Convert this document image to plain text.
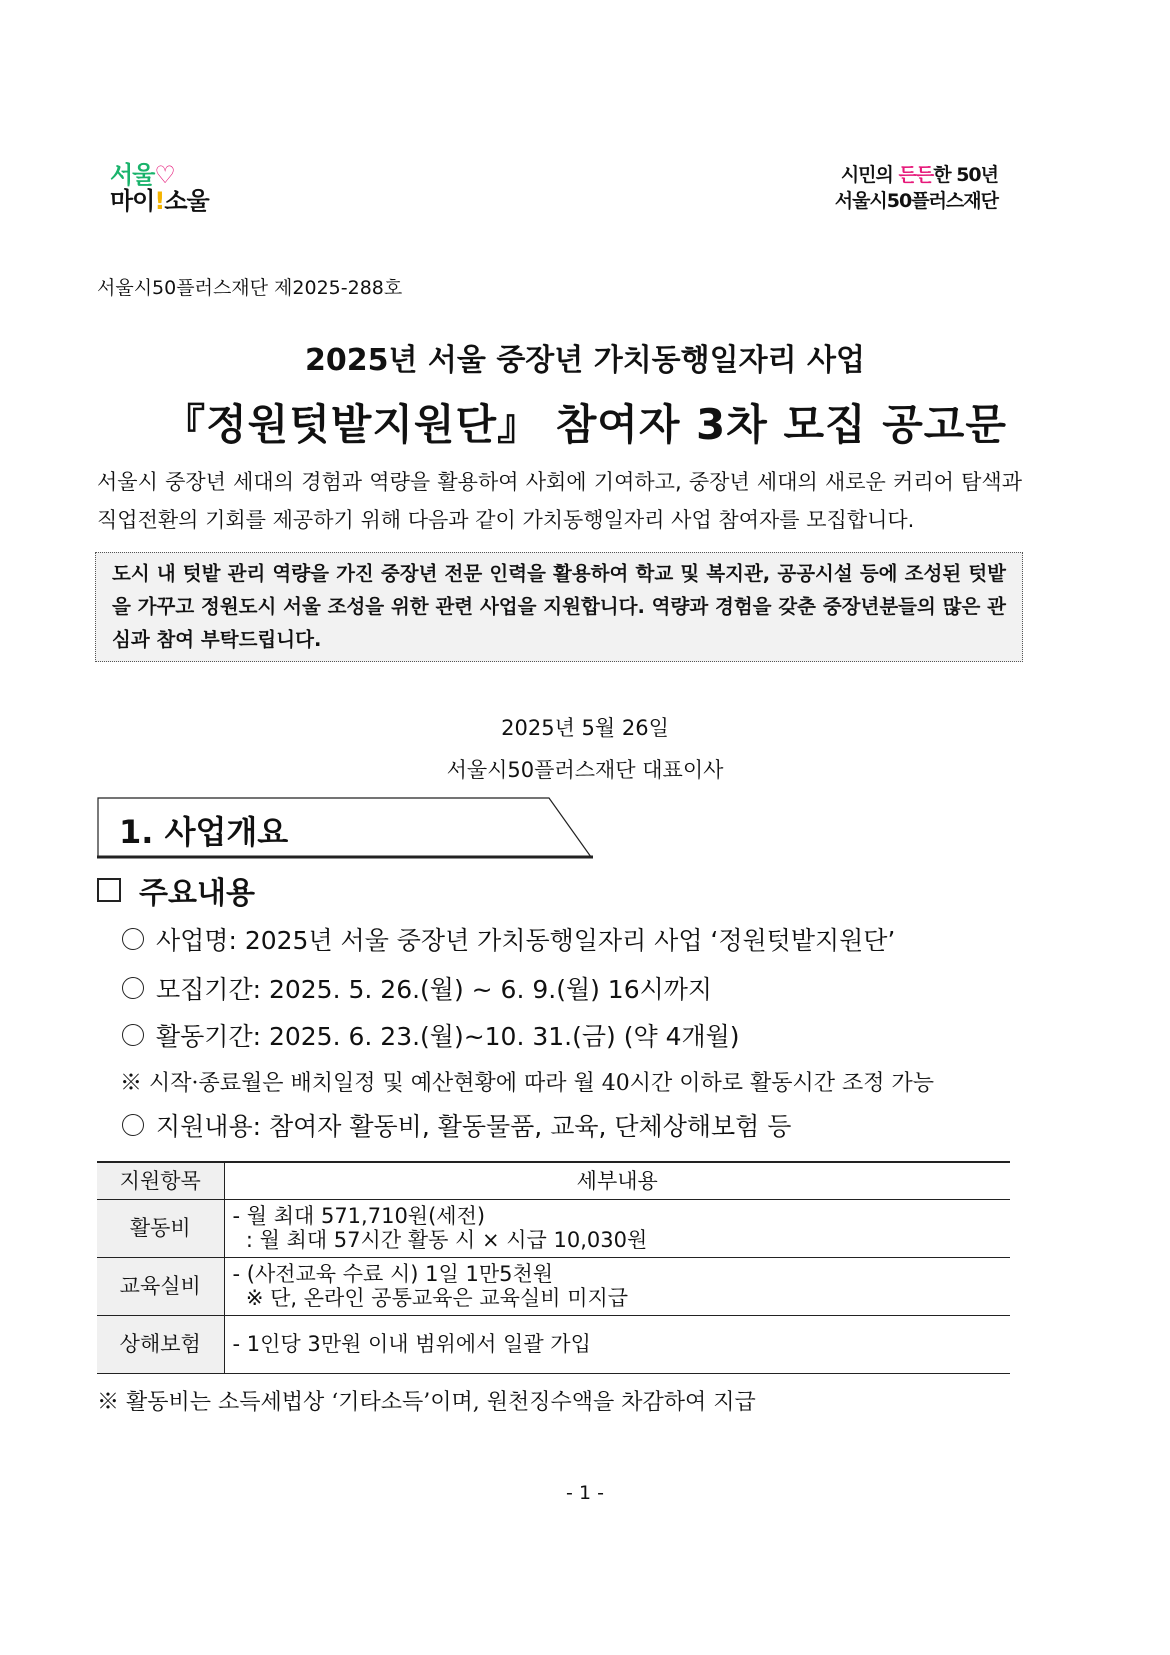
서울♡
마이!소울
시민의 든든한 50년
서울시50플러스재단
서울시50플러스재단 제2025-288호
2025년 서울 중장년 가치동행일자리 사업
『정원텃밭지원단』 참여자 3차 모집 공고문
서울시 중장년 세대의 경험과 역량을 활용하여 사회에 기여하고, 중장년 세대의 새로운 커리어 탐색과 직업전환의 기회를 제공하기 위해 다음과 같이 가치동행일자리 사업 참여자를 모집합니다.
도시 내 텃밭 관리 역량을 가진 중장년 전문 인력을 활용하여 학교 및 복지관, 공공시설 등에 조성된 텃밭을 가꾸고 정원도시 서울 조성을 위한 관련 사업을 지원합니다. 역량과 경험을 갖춘 중장년분들의 많은 관심과 참여 부탁드립니다.
2025년 5월 26일
서울시50플러스재단 대표이사
1. 사업개요
주요내용
사업명: 2025년 서울 중장년 가치동행일자리 사업 ‘정원텃밭지원단’
모집기간: 2025. 5. 26.(월) ~ 6. 9.(월) 16시까지
활동기간: 2025. 6. 23.(월)~10. 31.(금) (약 4개월)
※ 시작·종료월은 배치일정 및 예산현황에 따라 월 40시간 이하로 활동시간 조정 가능
지원내용: 참여자 활동비, 활동물품, 교육, 단체상해보험 등
지원항목	세부내용
활동비	- 월 최대 571,710원(세전)
: 월 최대 57시간 활동 시 × 시급 10,030원

교육실비	- (사전교육 수료 시) 1일 1만5천원
※ 단, 온라인 공통교육은 교육실비 미지급

상해보험	- 1인당 3만원 이내 범위에서 일괄 가입
※ 활동비는 소득세법상 ‘기타소득’이며, 원천징수액을 차감하여 지급
- 1 -
